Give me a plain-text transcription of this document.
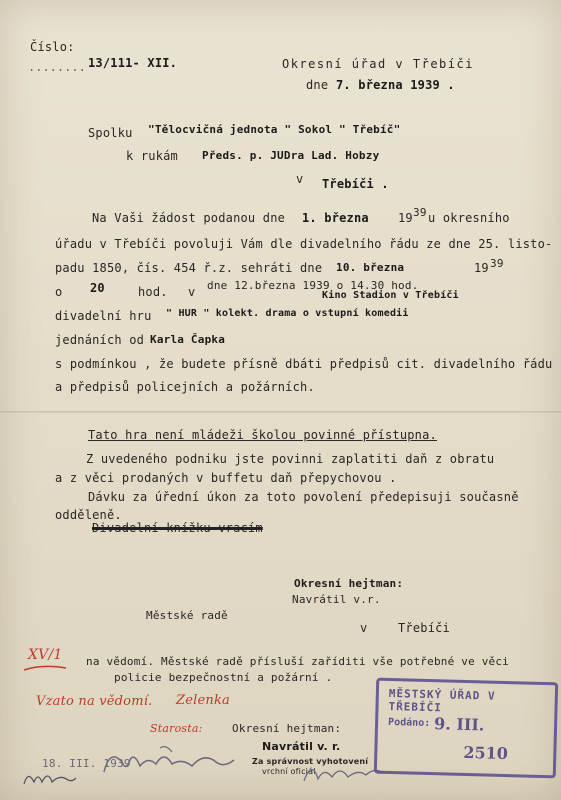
Číslo:
13/111- XII.
........	Okresní úřad v Třebíči
dne 7. března 1939 .
Spolku "Tělocvičná jednota " Sokol " Třebíč"
k rukám Předs. p. JUDra Lad. Hobzy
v Třebíči .
Na Vaši žádost podanou dne 1. března 19 39 u okresního
úřadu v Třebíči povoluji Vám dle divadelního řádu ze dne 25. listo-
padu 1850, čís. 454 ř.z. sehráti dne 10. března	19 39
o 20	hod. v dne 12.března 1939 o 14.30 hod.
Kino Stadion v Třebíči
divadelní hru " HUR " kolekt. drama o vstupní komedii
jednáních od Karla Čapka
s podmínkou , že budete přísně dbáti předpisů cit. divadelního řádu
a předpisů policejních a požárních.
Tato hra není mládeži školou povinné přístupna.
Z uvedeného podniku jste povinni zaplatiti daň z obratu
a z věci prodaných v buffetu daň přepychovou .
Dávku za úřední úkon za toto povolení předepisuji současně
odděleně.
Divadelní knížku vracím
Okresní hejtman:
Navrátil v.r.
Městské radě
v	Třebíči
XV/1 na vědomí. Městské radě přísluší zaříditi vše potřebné ve věci
policie bezpečnostní a požární .
Vzato na vědomí. Zelenka
Starosta:	Okresní hejtman:
Navrátil v. r.
Za správnost vyhotovení
vrchní oficiál
18. III. 1939
MĚSTSKÝ ÚŘAD V TŘEBÍČI
Podáno: 9. III.
2510
